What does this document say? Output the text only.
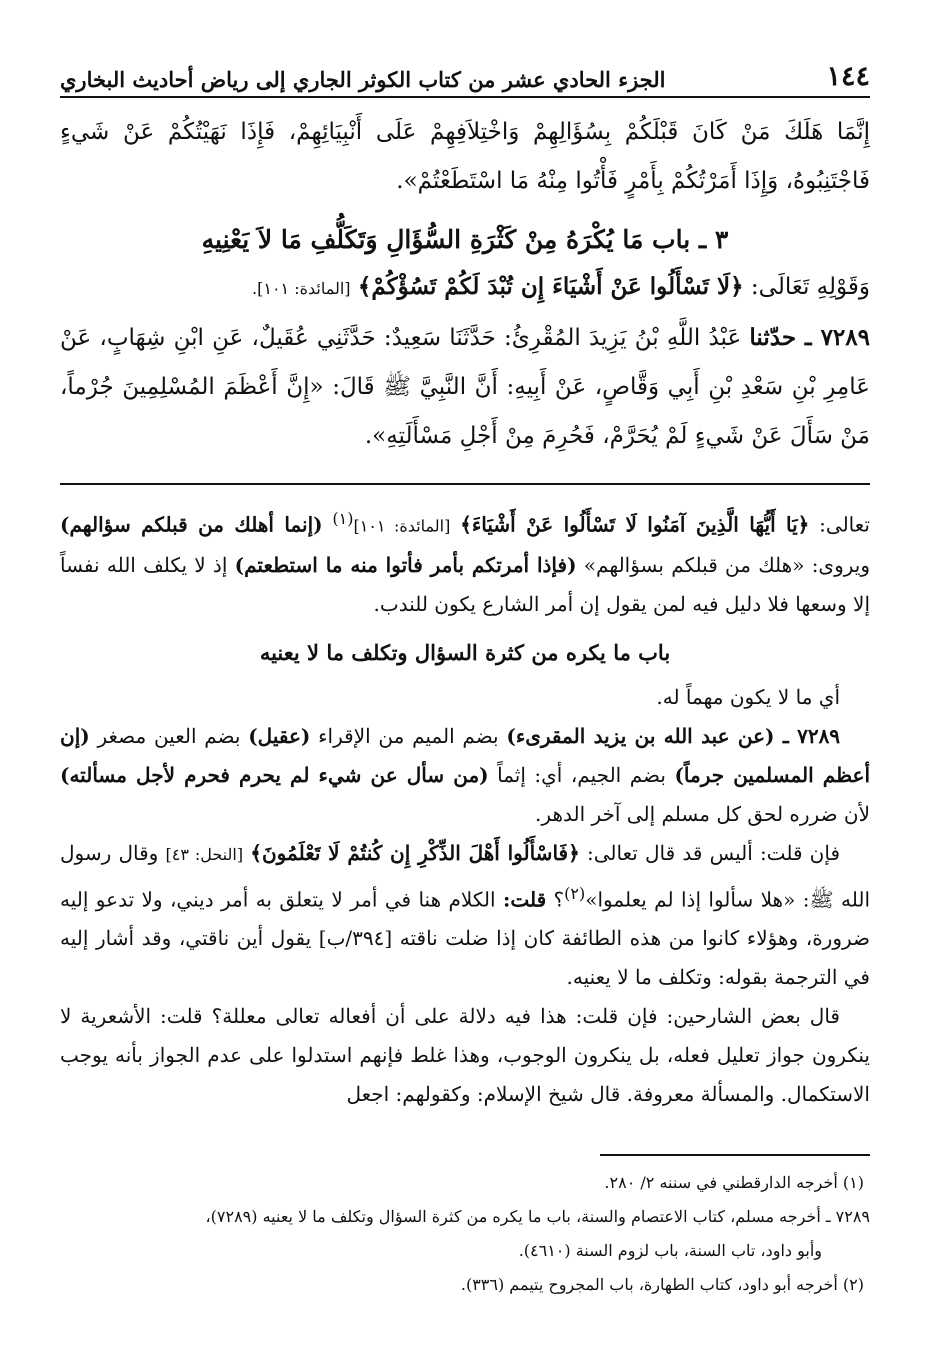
١٤٤
الجزء الحادي عشر من كتاب الكوثر الجاري إلى رياض أحاديث البخاري

إِنَّمَا هَلَكَ مَنْ كَانَ قَبْلَكُمْ بِسُؤَالِهِمْ وَاخْتِلاَفِهِمْ عَلَى أَنْبِيَائِهِمْ، فَإِذَا نَهَيْتُكُمْ عَنْ شَيءٍ فَاجْتَنِبُوهُ، وَإِذَا أَمَرْتُكُمْ بِأَمْرٍ فَأْتُوا مِنْهُ مَا اسْتَطَعْتُمْ».

٣ ـ باب مَا يُكْرَهُ مِنْ كَثْرَةِ السُّؤَالِ وَتَكَلُّفِ مَا لاَ يَعْنِيهِ

وَقَوْلِهِ تَعَالَى: ﴿لَا تَسْأَلُوا عَنْ أَشْيَاءَ إِن تُبْدَ لَكُمْ تَسُؤْكُمْ﴾ [المائدة: ١٠١].

٧٢٨٩ ـ حدّثنا عَبْدُ اللَّهِ بْنُ يَزِيدَ المُقْرِئُ: حَدَّثَنَا سَعِيدٌ: حَدَّثَنِي عُقَيلٌ، عَنِ ابْنِ شِهَابٍ، عَنْ عَامِرِ بْنِ سَعْدِ بْنِ أَبِي وَقَّاصٍ، عَنْ أَبِيهِ: أَنَّ النَّبِيَّ ﷺ قَالَ: «إِنَّ أَعْظَمَ المُسْلِمِينَ جُرْماً، مَنْ سَأَلَ عَنْ شَيءٍ لَمْ يُحَرَّمْ، فَحُرِمَ مِنْ أَجْلِ مَسْأَلَتِهِ».

تعالى: ﴿يَا أَيُّهَا الَّذِينَ آمَنُوا لَا تَسْأَلُوا عَنْ أَشْيَاءَ﴾ [المائدة: ١٠١]$^{(١)}$ (إنما أهلك من قبلكم سؤالهم) ويروى: «هلك من قبلكم بسؤالهم» (فإذا أمرتكم بأمر فأتوا منه ما استطعتم) إذ لا يكلف الله نفساً إلا وسعها فلا دليل فيه لمن يقول إن أمر الشارع يكون للندب.

باب ما يكره من كثرة السؤال وتكلف ما لا يعنيه

أي ما لا يكون مهماً له.

٧٢٨٩ ـ (عن عبد الله بن يزيد المقرىء) بضم الميم من الإقراء (عقيل) بضم العين مصغر (إن أعظم المسلمين جرماً) بضم الجيم، أي: إثماً (من سأل عن شيء لم يحرم فحرم لأجل مسألته) لأن ضرره لحق كل مسلم إلى آخر الدهر.

فإن قلت: أليس قد قال تعالى: ﴿فَاسْأَلُوا أَهْلَ الذِّكْرِ إِن كُنتُمْ لَا تَعْلَمُونَ﴾ [النحل: ٤٣] وقال رسول الله ﷺ: «هلا سألوا إذا لم يعلموا»$^{(٢)}$؟ قلت: الكلام هنا في أمر لا يتعلق به أمر ديني، ولا تدعو إليه ضرورة، وهؤلاء كانوا من هذه الطائفة كان إذا ضلت ناقته [٣٩٤/ب] يقول أين ناقتي، وقد أشار إليه في الترجمة بقوله: وتكلف ما لا يعنيه.

قال بعض الشارحين: فإن قلت: هذا فيه دلالة على أن أفعاله تعالى معللة؟ قلت: الأشعرية لا ينكرون جواز تعليل فعله، بل ينكرون الوجوب، وهذا غلط فإنهم استدلوا على عدم الجواز بأنه يوجب الاستكمال. والمسألة معروفة. قال شيخ الإسلام: وكقولهم: اجعل

(١) أخرجه الدارقطني في سننه ٢/ ٢٨٠.

٧٢٨٩ ـ أخرجه مسلم، كتاب الاعتصام والسنة، باب ما يكره من كثرة السؤال وتكلف ما لا يعنيه (٧٢٨٩)،

وأبو داود، تاب السنة، باب لزوم السنة (٤٦١٠).

(٢) أخرجه أبو داود، كتاب الطهارة، باب المجروح يتيمم (٣٣٦).
